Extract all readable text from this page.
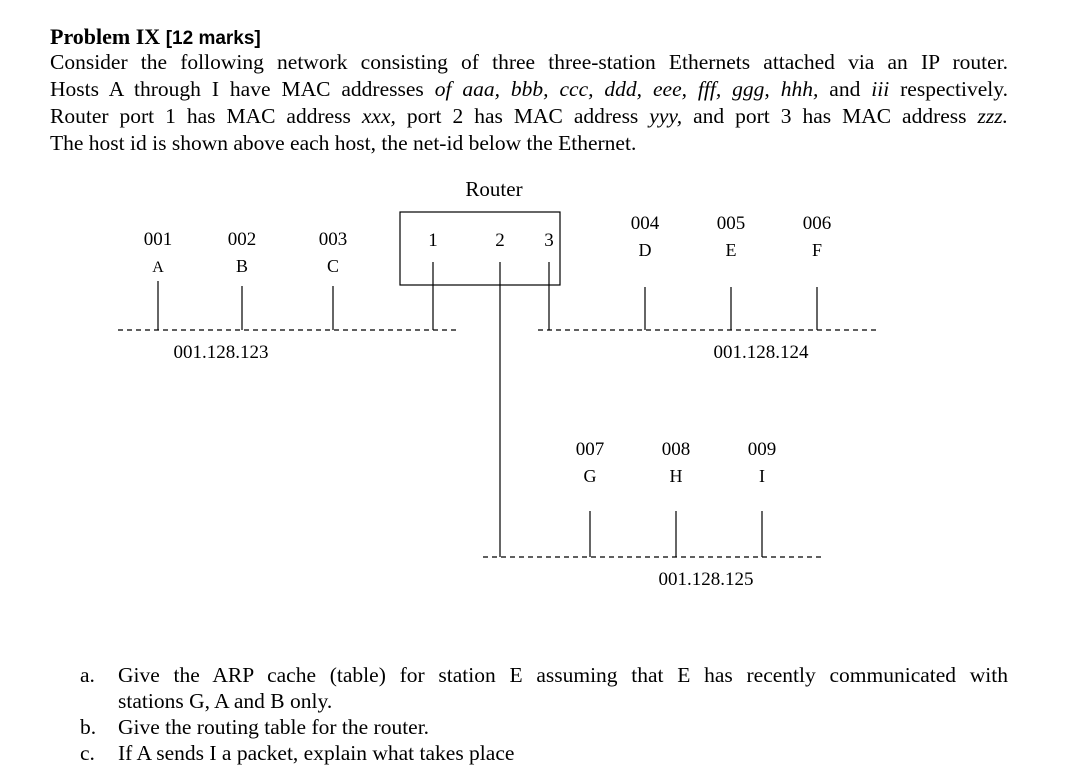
Problem IX [12 marks]
Consider the following network consisting of three three-station Ethernets attached via an IP router.
Hosts A through I have MAC addresses of aaa, bbb, ccc, ddd, eee, fff, ggg, hhh, and iii respectively.
Router port 1 has MAC address xxx, port 2 has MAC address yyy, and port 3 has MAC address zzz.
The host id is shown above each host, the net-id below the Ethernet.
Router
1	2 3
001
A
002
B
003
C
001.128.123
004
D
005
E
006
F
001.128.124
007
G
008
H
009
I
001.128.125
a. Give the ARP cache (table) for station E assuming that E has recently communicated with
stations G, A and B only.
b. Give the routing table for the router.
c. If A sends I a packet, explain what takes place
